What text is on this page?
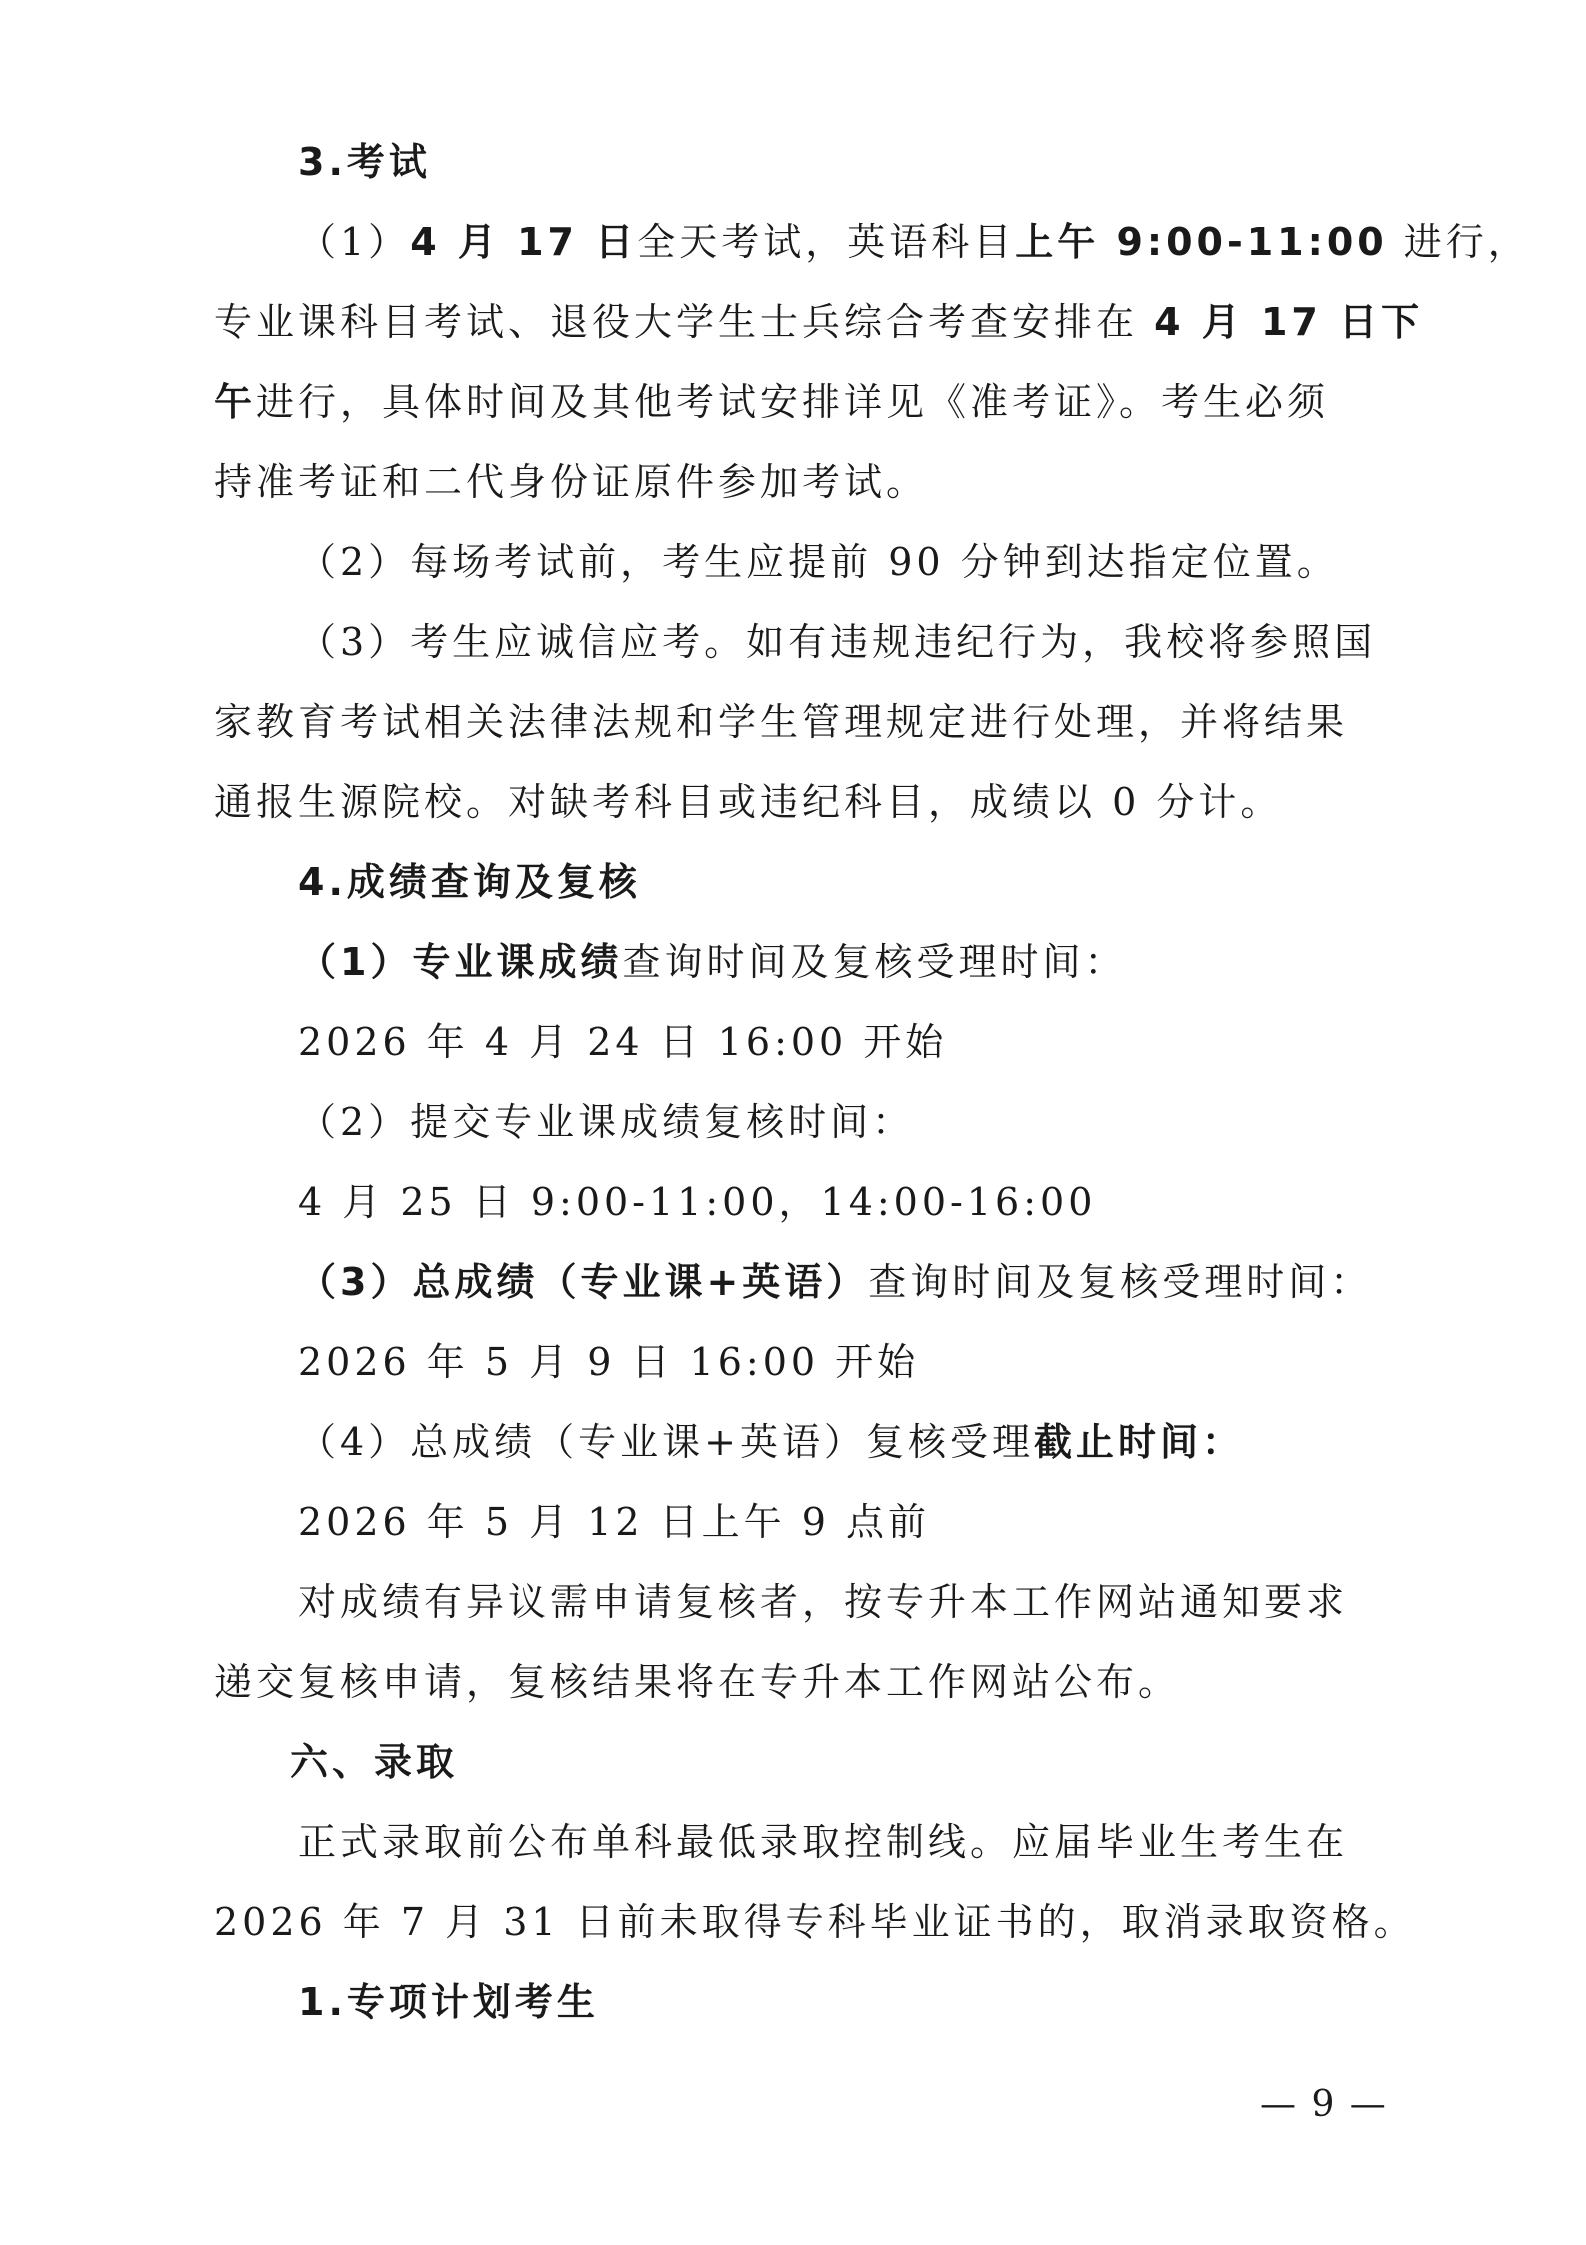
3.考试
（1）4 月 17 日全天考试，英语科目上午 9:00-11:00 进行，
专业课科目考试、退役大学生士兵综合考查安排在 4 月 17 日下
午进行，具体时间及其他考试安排详见《准考证》。考生必须
持准考证和二代身份证原件参加考试。
（2）每场考试前，考生应提前 90 分钟到达指定位置。
（3）考生应诚信应考。如有违规违纪行为，我校将参照国
家教育考试相关法律法规和学生管理规定进行处理，并将结果
通报生源院校。对缺考科目或违纪科目，成绩以 0 分计。
4.成绩查询及复核
（1）专业课成绩查询时间及复核受理时间：
2026 年 4 月 24 日 16:00 开始
（2）提交专业课成绩复核时间：
4 月 25 日 9:00-11:00，14:00-16:00
（3）总成绩（专业课+英语）查询时间及复核受理时间：
2026 年 5 月 9 日 16:00 开始
（4）总成绩（专业课+英语）复核受理截止时间：
2026 年 5 月 12 日上午 9 点前
对成绩有异议需申请复核者，按专升本工作网站通知要求
递交复核申请，复核结果将在专升本工作网站公布。
六、录取
正式录取前公布单科最低录取控制线。应届毕业生考生在
2026 年 7 月 31 日前未取得专科毕业证书的，取消录取资格。
1.专项计划考生
— 9 —
